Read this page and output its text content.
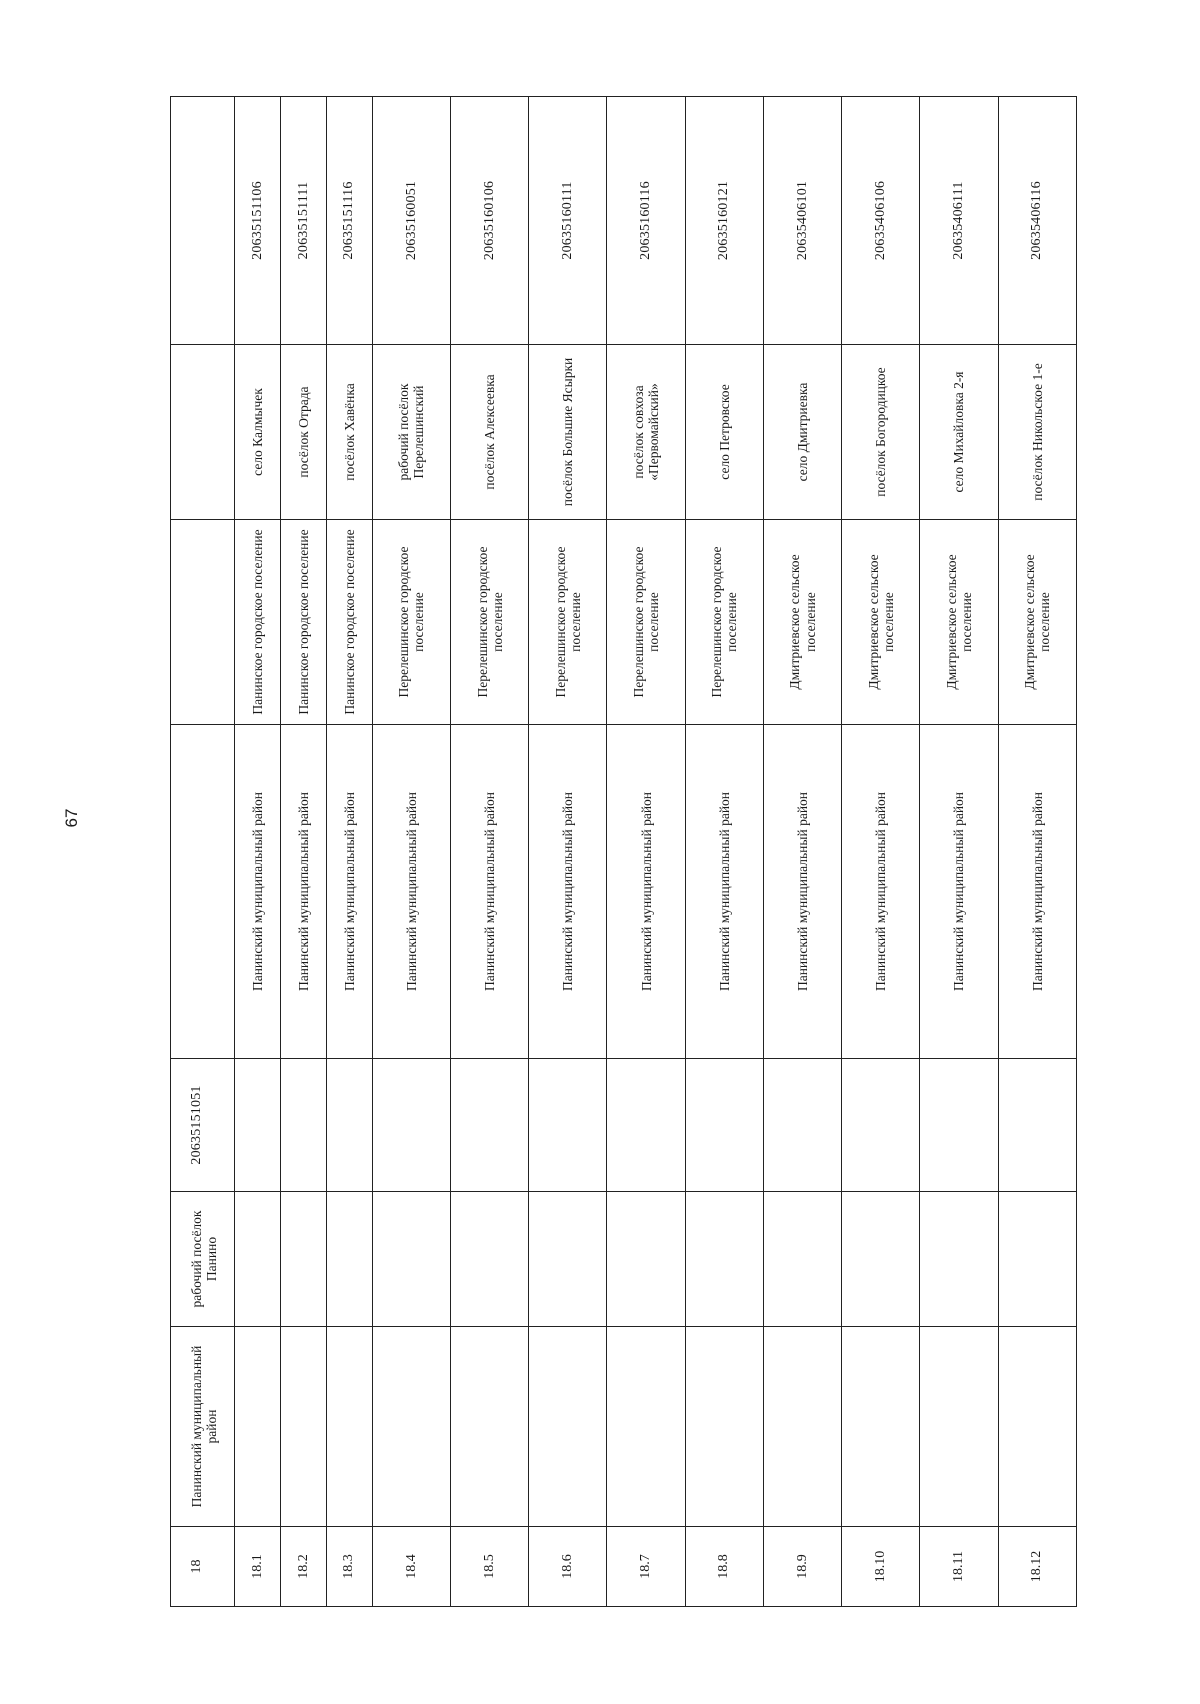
67
18	Панинский муниципальный район	рабочий посёлок Панино	20635151051				
18.1				Панинский муниципальный район	Панинское городское поселение	село Калмычек	20635151106
18.2				Панинский муниципальный район	Панинское городское поселение	посёлок Отрада	20635151111
18.3				Панинский муниципальный район	Панинское городское поселение	посёлок Хавёнка	20635151116
18.4				Панинский муниципальный район	Перелешинское городское поселение	рабочий посёлок Перелешинский	20635160051
18.5				Панинский муниципальный район	Перелешинское городское поселение	посёлок Алексеевка	20635160106
18.6				Панинский муниципальный район	Перелешинское городское поселение	посёлок Большие Ясырки	20635160111
18.7				Панинский муниципальный район	Перелешинское городское поселение	посёлок совхоза «Первомайский»	20635160116
18.8				Панинский муниципальный район	Перелешинское городское поселение	село Петровское	20635160121
18.9				Панинский муниципальный район	Дмитриевское сельское поселение	село Дмитриевка	20635406101
18.10				Панинский муниципальный район	Дмитриевское сельское поселение	посёлок Богородицкое	20635406106
18.11				Панинский муниципальный район	Дмитриевское сельское поселение	село Михайловка 2-я	20635406111
18.12				Панинский муниципальный район	Дмитриевское сельское поселение	посёлок Никольское 1-е	20635406116
